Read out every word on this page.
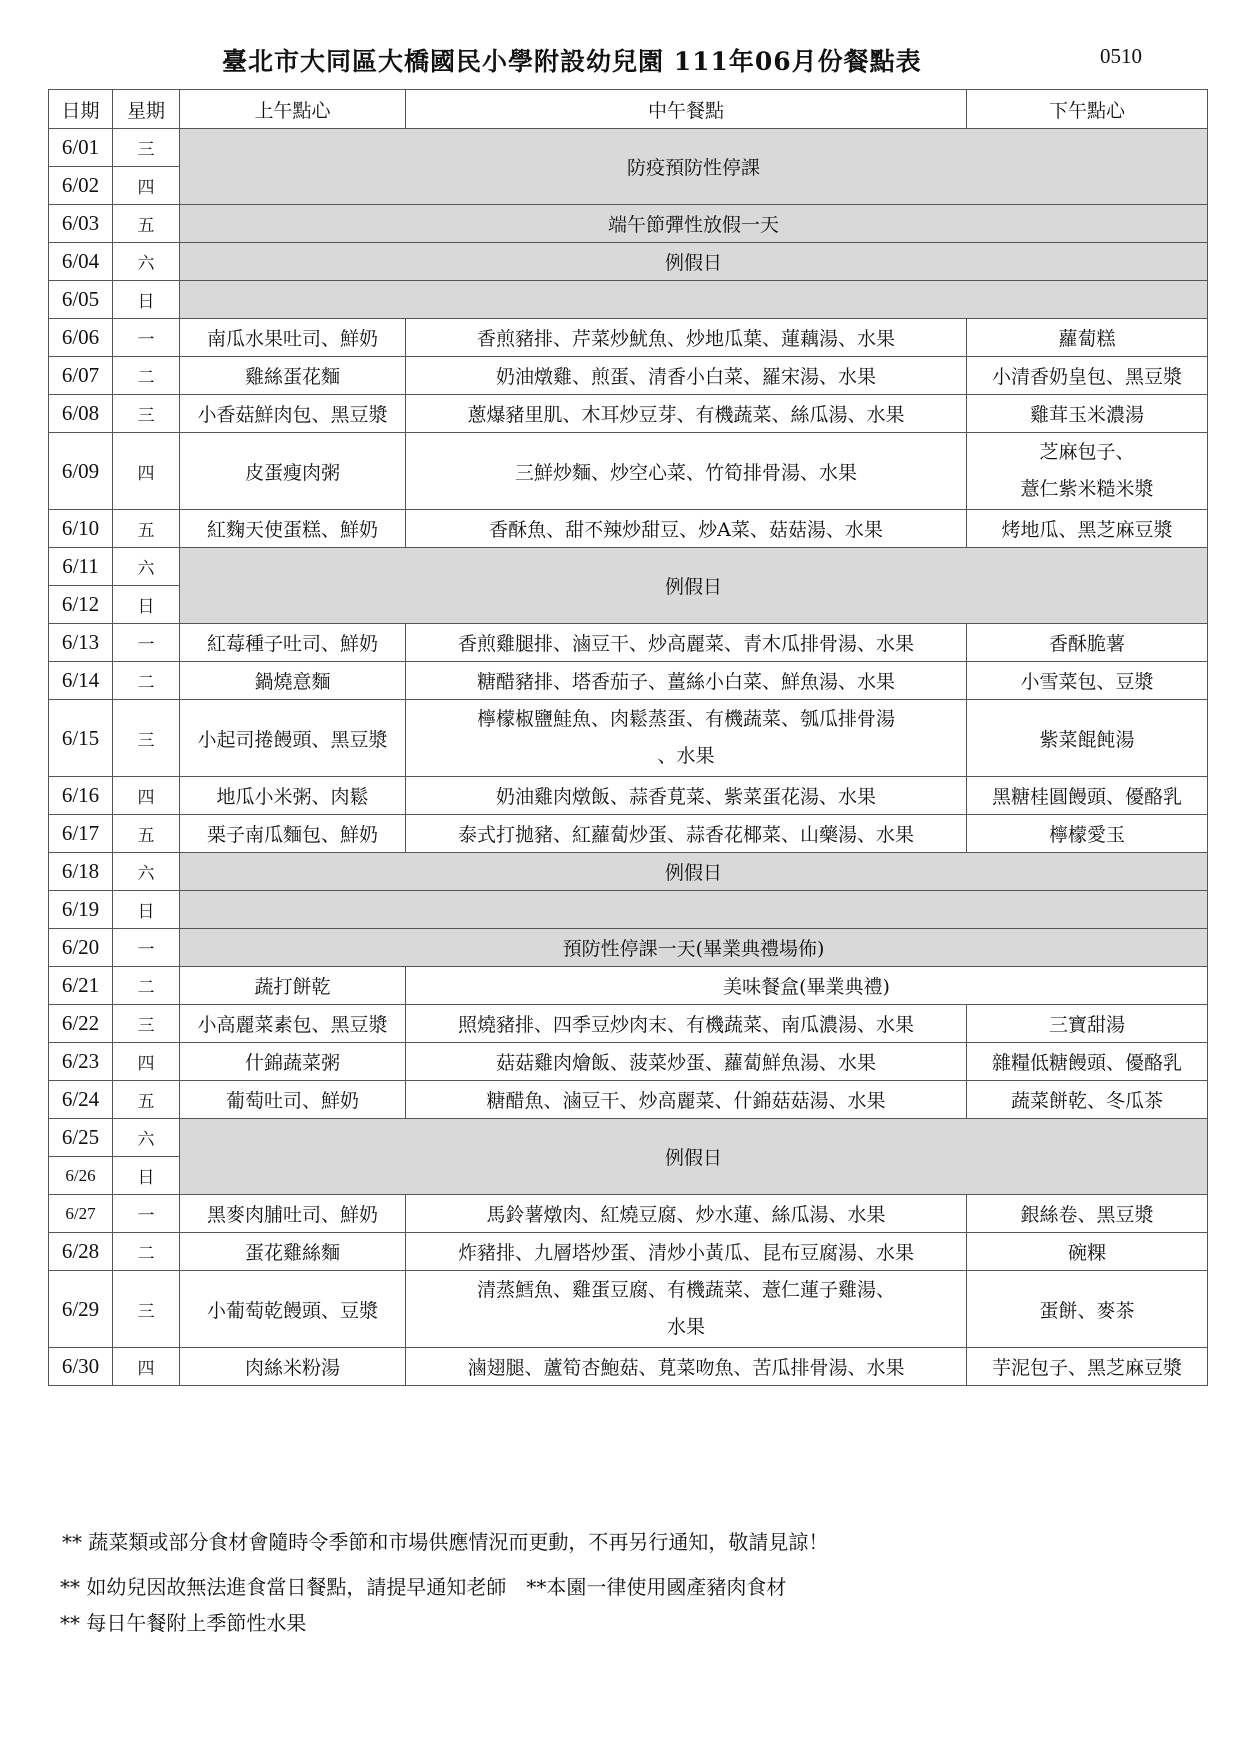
臺北市大同區大橋國民小學附設幼兒園 111年06月份餐點表	0510
日期	星期	上午點心	中午餐點	下午點心
6/01	三	防疫預防性停課		
6/02	四			
6/03	五	端午節彈性放假一天		
6/04	六	例假日		
6/05	日			
6/06	一	南瓜水果吐司、鮮奶	香煎豬排、芹菜炒魷魚、炒地瓜葉、蓮藕湯、水果	蘿蔔糕
6/07	二	雞絲蛋花麵	奶油燉雞、煎蛋、清香小白菜、羅宋湯、水果	小清香奶皇包、黑豆漿
6/08	三	小香菇鮮肉包、黑豆漿	蔥爆豬里肌、木耳炒豆芽、有機蔬菜、絲瓜湯、水果	雞茸玉米濃湯
6/09	四	皮蛋瘦肉粥	三鮮炒麵、炒空心菜、竹筍排骨湯、水果	芝麻包子、
薏仁紫米糙米漿

6/10	五	紅麴天使蛋糕、鮮奶	香酥魚、甜不辣炒甜豆、炒A菜、菇菇湯、水果	烤地瓜、黑芝麻豆漿
6/11	六	例假日		
6/12	日			
6/13	一	紅莓種子吐司、鮮奶	香煎雞腿排、滷豆干、炒高麗菜、青木瓜排骨湯、水果	香酥脆薯
6/14	二	鍋燒意麵	糖醋豬排、塔香茄子、薑絲小白菜、鮮魚湯、水果	小雪菜包、豆漿
6/15	三	小起司捲饅頭、黑豆漿	檸檬椒鹽鮭魚、肉鬆蒸蛋、有機蔬菜、瓠瓜排骨湯
、水果	紫菜餛飩湯
6/16	四	地瓜小米粥、肉鬆	奶油雞肉燉飯、蒜香莧菜、紫菜蛋花湯、水果	黑糖桂圓饅頭、優酪乳
6/17	五	栗子南瓜麵包、鮮奶	泰式打拋豬、紅蘿蔔炒蛋、蒜香花椰菜、山藥湯、水果	檸檬愛玉
6/18	六	例假日		
6/19	日			
6/20	一	預防性停課一天(畢業典禮場佈)		
6/21	二	蔬打餅乾	美味餐盒(畢業典禮)	
6/22	三	小高麗菜素包、黑豆漿	照燒豬排、四季豆炒肉末、有機蔬菜、南瓜濃湯、水果	三寶甜湯
6/23	四	什錦蔬菜粥	菇菇雞肉燴飯、菠菜炒蛋、蘿蔔鮮魚湯、水果	雜糧低糖饅頭、優酪乳
6/24	五	葡萄吐司、鮮奶	糖醋魚、滷豆干、炒高麗菜、什錦菇菇湯、水果	蔬菜餅乾、冬瓜茶
6/25	六	例假日		
6/26	日			
6/27	一	黑麥肉脯吐司、鮮奶	馬鈴薯燉肉、紅燒豆腐、炒水蓮、絲瓜湯、水果	銀絲卷、黑豆漿
6/28	二	蛋花雞絲麵	炸豬排、九層塔炒蛋、清炒小黃瓜、昆布豆腐湯、水果	碗粿
6/29	三	小葡萄乾饅頭、豆漿	清蒸鱈魚、雞蛋豆腐、有機蔬菜、薏仁蓮子雞湯、
水果	蛋餅、麥茶
6/30	四	肉絲米粉湯	滷翅腿、蘆筍杏鮑菇、莧菜吻魚、苦瓜排骨湯、水果	芋泥包子、黑芝麻豆漿
** 蔬菜類或部分食材會隨時令季節和市場供應情況而更動，不再另行通知，敬請見諒！
** 如幼兒因故無法進食當日餐點，請提早通知老師　**本園一律使用國產豬肉食材
** 每日午餐附上季節性水果
